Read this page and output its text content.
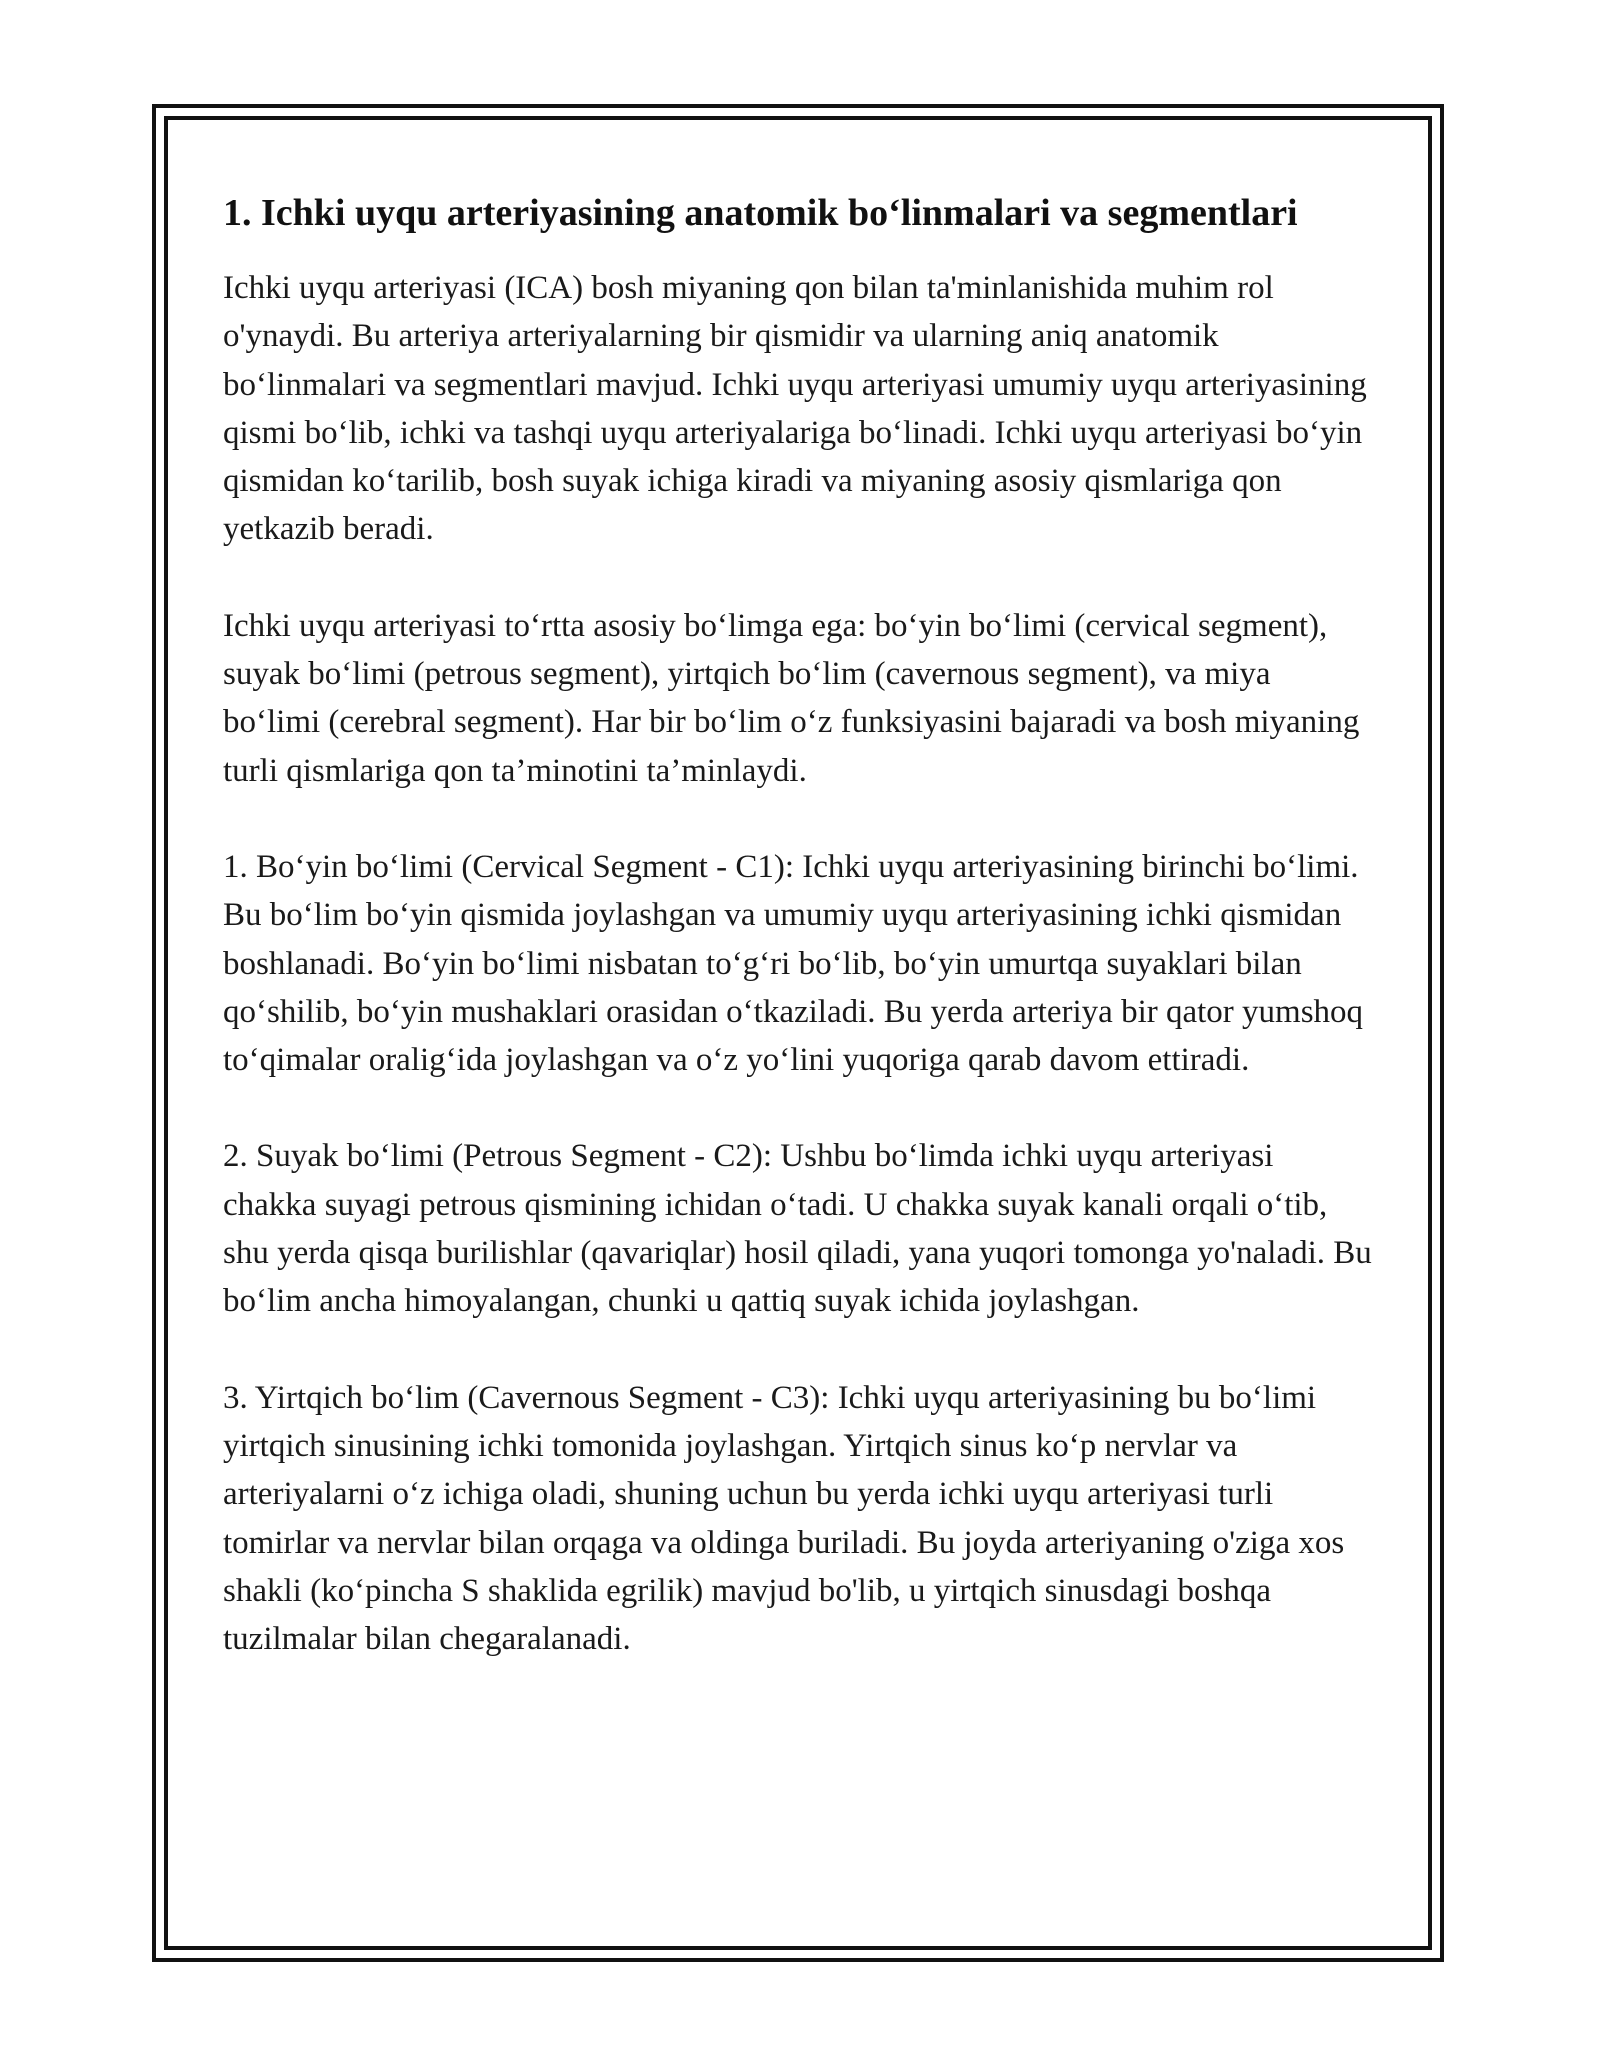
1. Ichki uyqu arteriyasining anatomik bo‘linmalari va segmentlari

Ichki uyqu arteriyasi (ICA) bosh miyaning qon bilan ta'minlanishida muhim rol o'ynaydi. Bu arteriya arteriyalarning bir qismidir va ularning aniq anatomik bo‘linmalari va segmentlari mavjud. Ichki uyqu arteriyasi umumiy uyqu arteriyasining qismi bo‘lib, ichki va tashqi uyqu arteriyalariga bo‘linadi. Ichki uyqu arteriyasi bo‘yin qismidan ko‘tarilib, bosh suyak ichiga kiradi va miyaning asosiy qismlariga qon yetkazib beradi.

Ichki uyqu arteriyasi to‘rtta asosiy bo‘limga ega: bo‘yin bo‘limi (cervical segment), suyak bo‘limi (petrous segment), yirtqich bo‘lim (cavernous segment), va miya bo‘limi (cerebral segment). Har bir bo‘lim o‘z funksiyasini bajaradi va bosh miyaning turli qismlariga qon ta’minotini ta’minlaydi.

1. Bo‘yin bo‘limi (Cervical Segment - C1): Ichki uyqu arteriyasining birinchi bo‘limi. Bu bo‘lim bo‘yin qismida joylashgan va umumiy uyqu arteriyasining ichki qismidan boshlanadi. Bo‘yin bo‘limi nisbatan to‘g‘ri bo‘lib, bo‘yin umurtqa suyaklari bilan qo‘shilib, bo‘yin mushaklari orasidan o‘tkaziladi. Bu yerda arteriya bir qator yumshoq to‘qimalar oralig‘ida joylashgan va o‘z yo‘lini yuqoriga qarab davom ettiradi.

2. Suyak bo‘limi (Petrous Segment - C2): Ushbu bo‘limda ichki uyqu arteriyasi chakka suyagi petrous qismining ichidan o‘tadi. U chakka suyak kanali orqali o‘tib, shu yerda qisqa burilishlar (qavariqlar) hosil qiladi, yana yuqori tomonga yo'naladi. Bu bo‘lim ancha himoyalangan, chunki u qattiq suyak ichida joylashgan.

3. Yirtqich bo‘lim (Cavernous Segment - C3): Ichki uyqu arteriyasining bu bo‘limi yirtqich sinusining ichki tomonida joylashgan. Yirtqich sinus ko‘p nervlar va arteriyalarni o‘z ichiga oladi, shuning uchun bu yerda ichki uyqu arteriyasi turli tomirlar va nervlar bilan orqaga va oldinga buriladi. Bu joyda arteriyaning o'ziga xos shakli (ko‘pincha S shaklida egrilik) mavjud bo'lib, u yirtqich sinusdagi boshqa tuzilmalar bilan chegaralanadi.
